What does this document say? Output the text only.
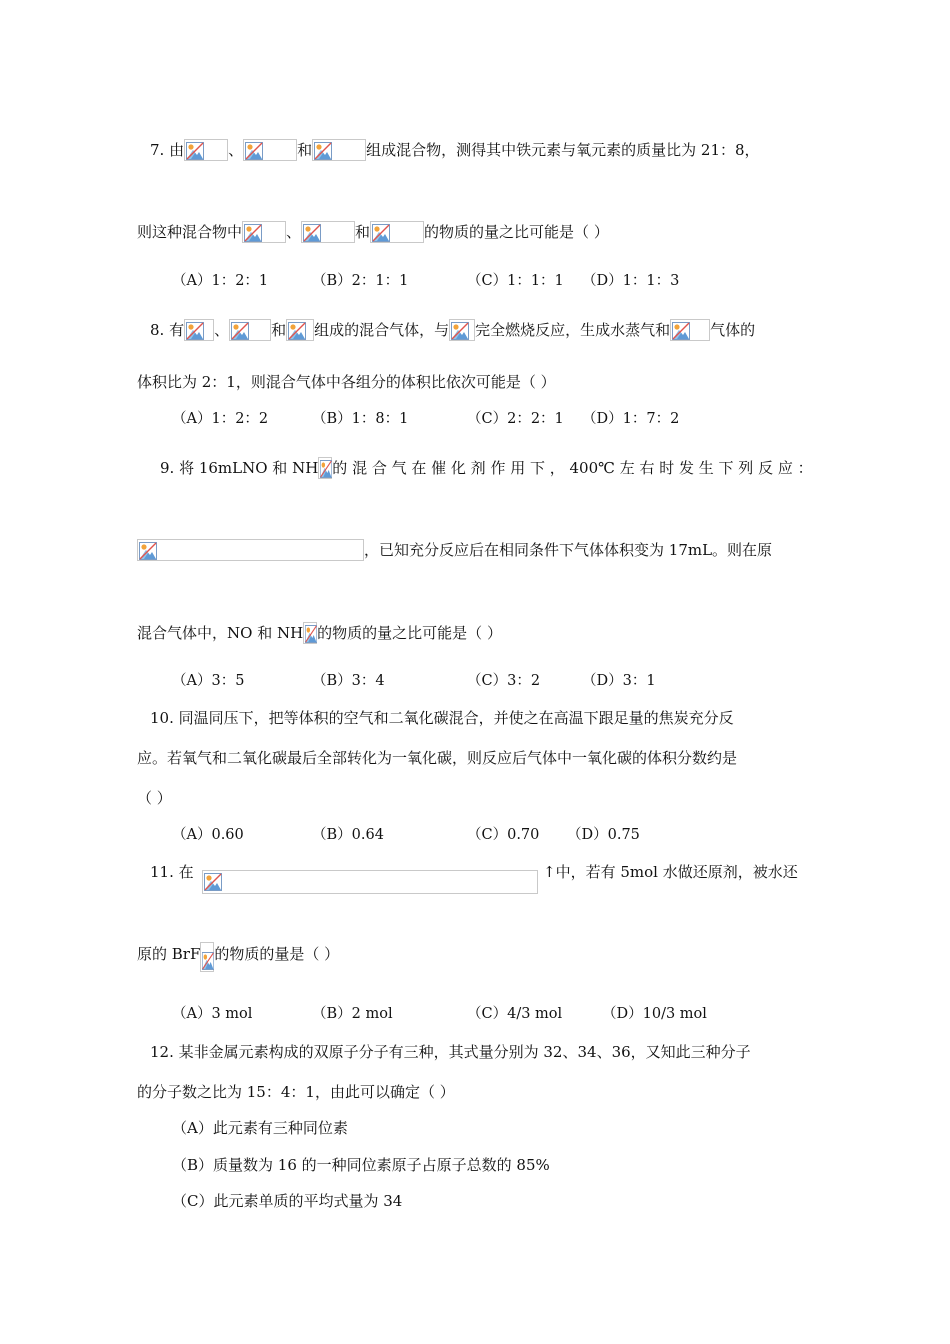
7. 由	、	和	组成混合物，测得其中铁元素与氧元素的质量比为 21：8，
则这种混合物中	、	和	的物质的量之比可能是（ ）
（A）1：2：1	（B）2：1：1	（C）1：1：1 （D）1：1：3
8. 有 、	和 组成的混合气体，与 完全燃烧反应，生成水蒸气和	气体的
体积比为 2：1，则混合气体中各组分的体积比依次可能是（ ）
（A）1：2：2	（B）1：8：1	（C）2：2：1 （D）1：7：2
9. 将 16mLNO 和 NH 的 混 合 气 在 催 化 剂 作 用 下 ， 400℃ 左 右 时 发 生 下 列 反 应 ：
，已知充分反应后在相同条件下气体体积变为 17mL。则在原
混合气体中，NO 和 NH 的物质的量之比可能是（ ）
（A）3：5	（B）3：4	（C）3：2	（D）3：1
10. 同温同压下，把等体积的空气和二氧化碳混合，并使之在高温下跟足量的焦炭充分反
应。若氧气和二氧化碳最后全部转化为一氧化碳，则反应后气体中一氧化碳的体积分数约是
（ ）
（A）0.60	（B）0.64	（C）0.70 （D）0.75
11. 在	↑中，若有 5mol 水做还原剂，被水还
原的 BrF 的物质的量是（ ）
（A）3 mol	（B）2 mol	（C）4/3 mol	（D）10/3 mol
12. 某非金属元素构成的双原子分子有三种，其式量分别为 32、34、36，又知此三种分子
的分子数之比为 15：4：1，由此可以确定（ ）
（A）此元素有三种同位素
（B）质量数为 16 的一种同位素原子占原子总数的 85%
（C）此元素单质的平均式量为 34
